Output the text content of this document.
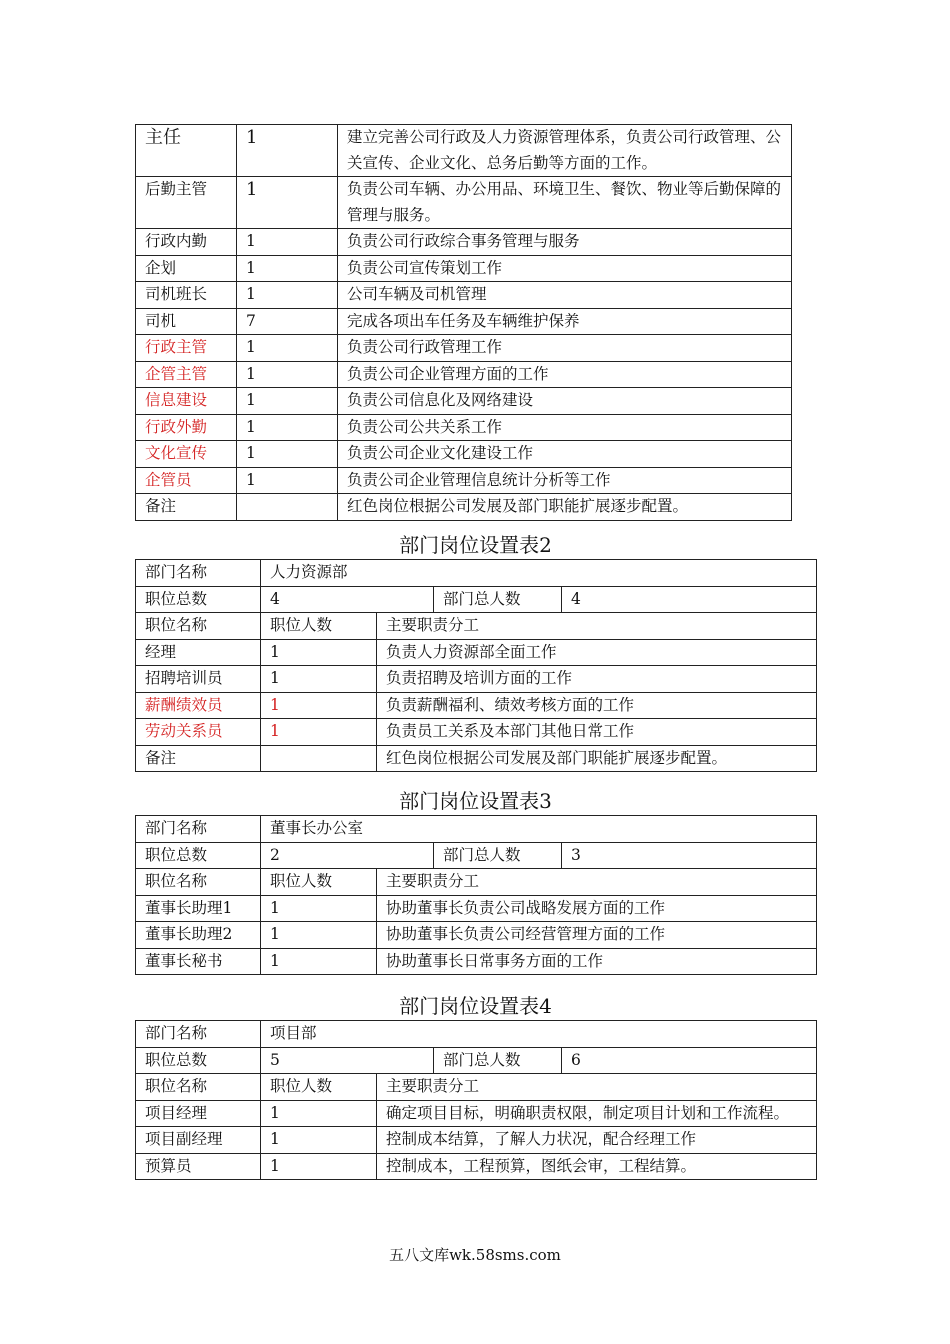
主任	1	建立完善公司行政及人力资源管理体系，负责公司行政管理、公关宣传、企业文化、总务后勤等方面的工作。
后勤主管	1	负责公司车辆、办公用品、环境卫生、餐饮、物业等后勤保障的管理与服务。
行政内勤	1	负责公司行政综合事务管理与服务
企划	1	负责公司宣传策划工作
司机班长	1	公司车辆及司机管理
司机	7	完成各项出车任务及车辆维护保养
行政主管	1	负责公司行政管理工作
企管主管	1	负责公司企业管理方面的工作
信息建设	1	负责公司信息化及网络建设
行政外勤	1	负责公司公共关系工作
文化宣传	1	负责公司企业文化建设工作
企管员	1	负责公司企业管理信息统计分析等工作
备注		红色岗位根据公司发展及部门职能扩展逐步配置。
部门岗位设置表2
部门名称	人力资源部			
职位总数	4		部门总人数	4
职位名称	职位人数	主要职责分工		
经理	1	负责人力资源部全面工作		
招聘培训员	1	负责招聘及培训方面的工作		
薪酬绩效员	1	负责薪酬福利、绩效考核方面的工作		
劳动关系员	1	负责员工关系及本部门其他日常工作		
备注		红色岗位根据公司发展及部门职能扩展逐步配置。		
部门岗位设置表3
部门名称	董事长办公室			
职位总数	2		部门总人数	3
职位名称	职位人数	主要职责分工		
董事长助理1	1	协助董事长负责公司战略发展方面的工作		
董事长助理2	1	协助董事长负责公司经营管理方面的工作		
董事长秘书	1	协助董事长日常事务方面的工作		
部门岗位设置表4
部门名称	项目部			
职位总数	5		部门总人数	6
职位名称	职位人数	主要职责分工		
项目经理	1	确定项目目标，明确职责权限，制定项目计划和工作流程。		
项目副经理	1	控制成本结算，了解人力状况，配合经理工作		
预算员	1	控制成本，工程预算，图纸会审，工程结算。		
五八文库wk.58sms.com
